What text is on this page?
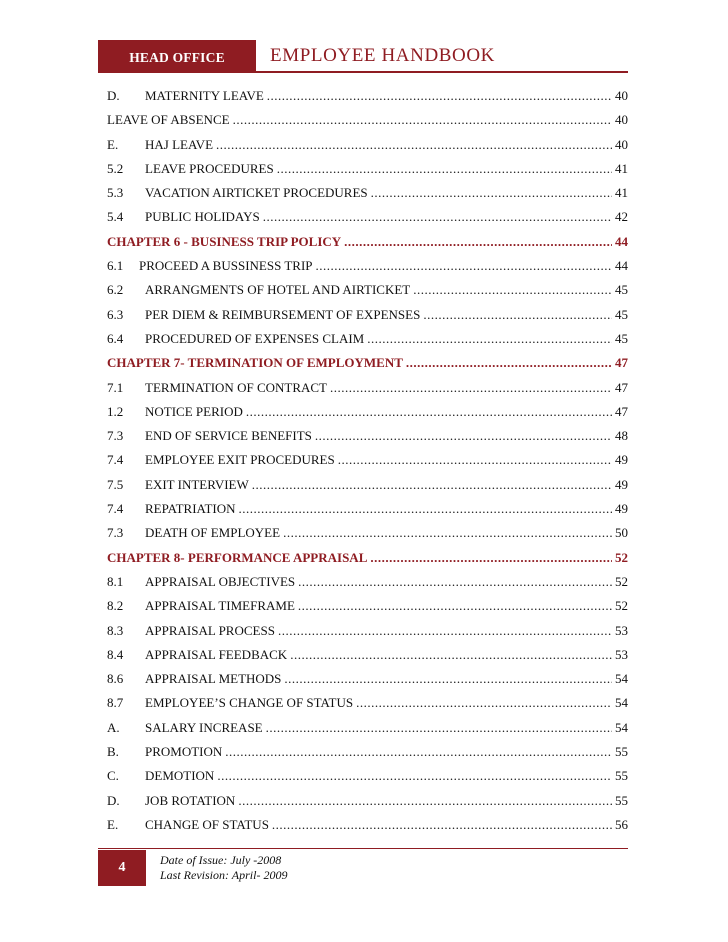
HEAD OFFICE	EMPLOYEE HANDBOOK
D.	MATERNITY LEAVE .....	40
LEAVE OF ABSENCE .....	40
E.	HAJ LEAVE .....	40
5.2	LEAVE PROCEDURES .....	41
5.3	VACATION AIRTICKET PROCEDURES .....	41
5.4	PUBLIC HOLIDAYS .....	42
CHAPTER 6 - BUSINESS TRIP POLICY .....	44
6.1	PROCEED A BUSSINESS TRIP .....	44
6.2	ARRANGMENTS OF HOTEL AND AIRTICKET .....	45
6.3	PER DIEM & REIMBURSEMENT OF EXPENSES .....	45
6.4	PROCEDURED OF EXPENSES CLAIM .....	45
CHAPTER 7- TERMINATION OF EMPLOYMENT .....	47
7.1	TERMINATION OF CONTRACT .....	47
1.2	NOTICE PERIOD .....	47
7.3	END OF SERVICE BENEFITS .....	48
7.4	EMPLOYEE EXIT PROCEDURES .....	49
7.5	EXIT INTERVIEW .....	49
7.4	REPATRIATION .....	49
7.3	DEATH OF EMPLOYEE .....	50
CHAPTER 8- PERFORMANCE APPRAISAL .....	52
8.1	APPRAISAL OBJECTIVES .....	52
8.2	APPRAISAL TIMEFRAME .....	52
8.3	APPRAISAL PROCESS .....	53
8.4	APPRAISAL FEEDBACK .....	53
8.6	APPRAISAL METHODS .....	54
8.7	EMPLOYEE’S CHANGE OF STATUS .....	54
A.	SALARY INCREASE .....	54
B.	PROMOTION .....	55
C.	DEMOTION .....	55
D.	JOB ROTATION .....	55
E.	CHANGE OF STATUS .....	56
4	Date of Issue: July -2008
Last Revision: April- 2009
